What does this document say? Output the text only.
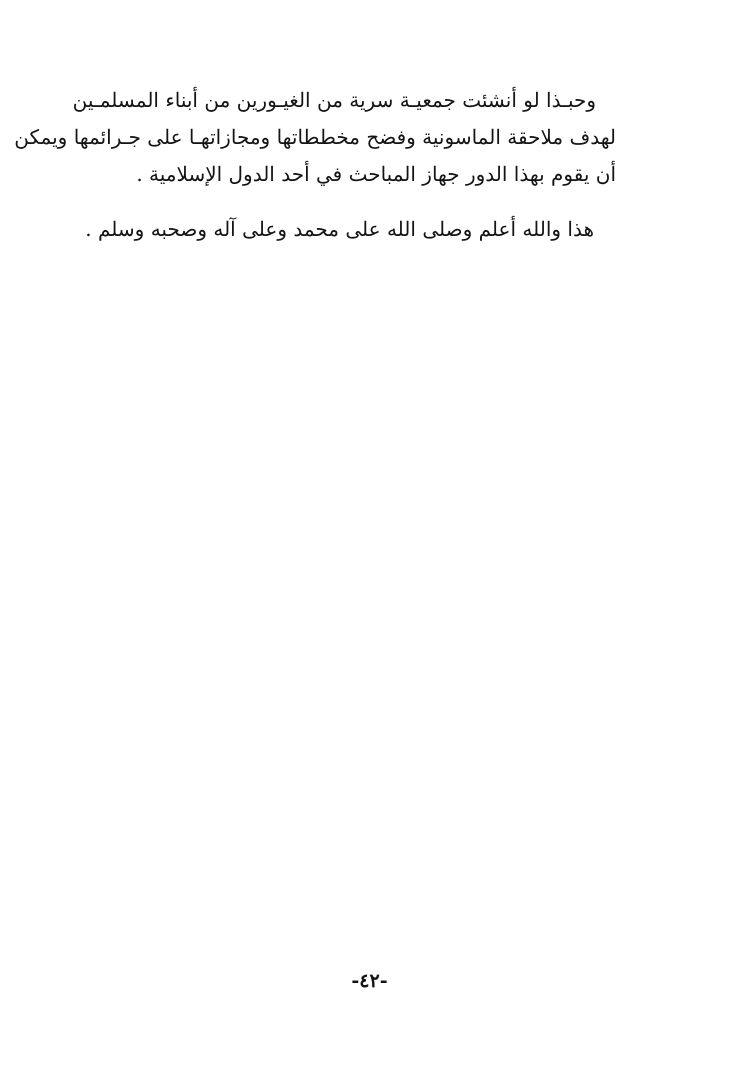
وحبـذا لو أنشئت جمعيـة سرية من الغيـورين من أبناء المسلمـين
لهدف ملاحقة الماسونية وفضح مخططاتها ومجازاتهـا على جـرائمها ويمكن
أن يقوم بهذا الدور جهاز المباحث في أحد الدول الإسلامية .
هذا والله أعلم وصلى الله على محمد وعلى آله وصحبه وسلم .
-٤٢-
